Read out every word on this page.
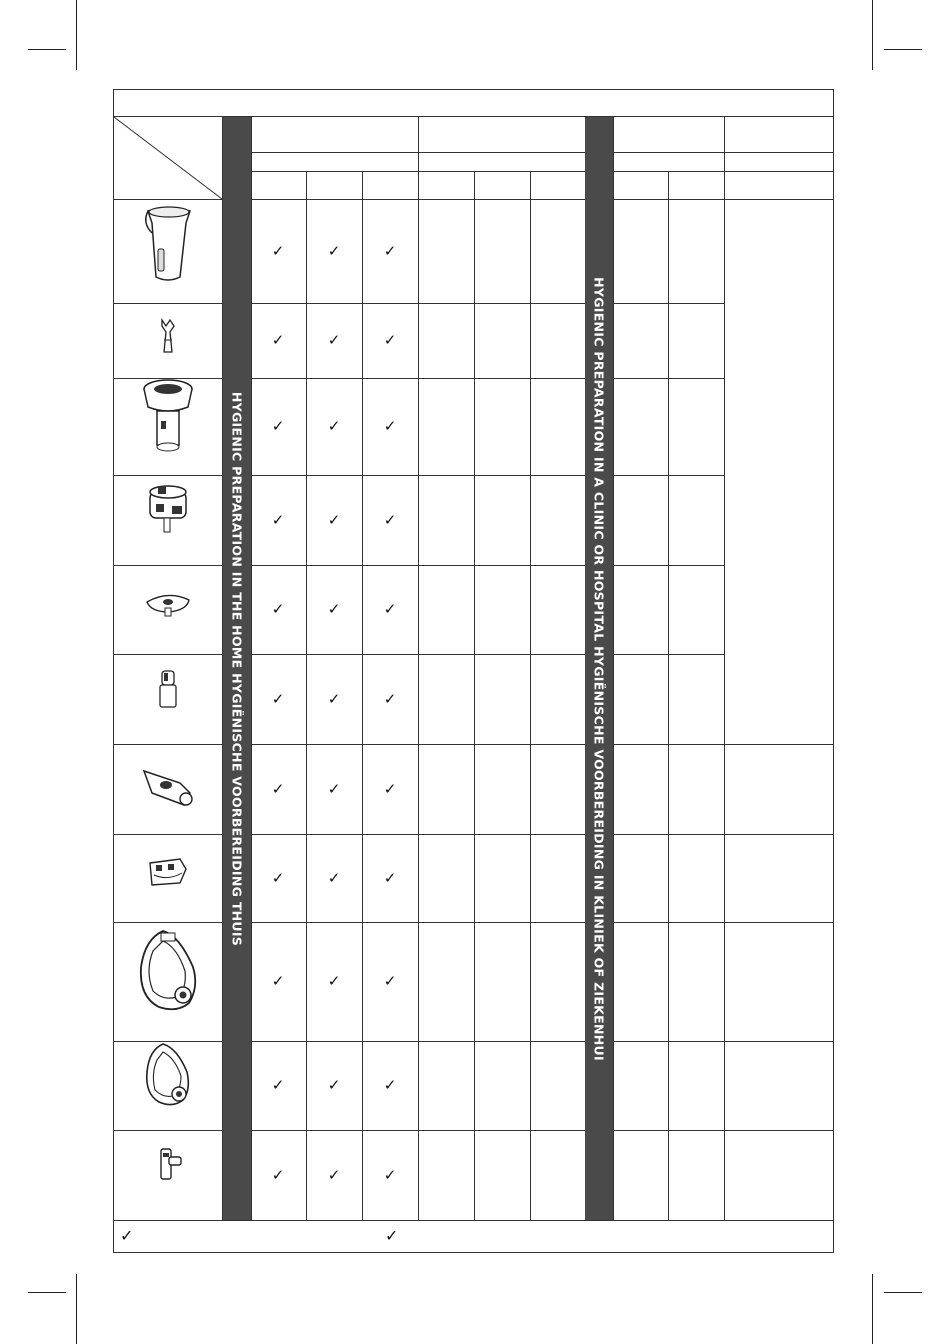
HYGIENIC PREPARATION IN THE HOME HYGIËNISCHE VOORBEREIDING THUIS	HYGIENIC PREPARATION IN A CLINIC OR HOSPITAL HYGIËNISCHE VOORBEREIDING IN KLINIEK OF ZIEKENHUI
✓	✓	✓
✓	✓	✓
✓	✓	✓
✓	✓	✓
✓	✓	✓
✓	✓	✓
✓	✓	✓
✓	✓	✓
✓	✓	✓
✓	✓	✓
✓	✓	✓
✓	✓
